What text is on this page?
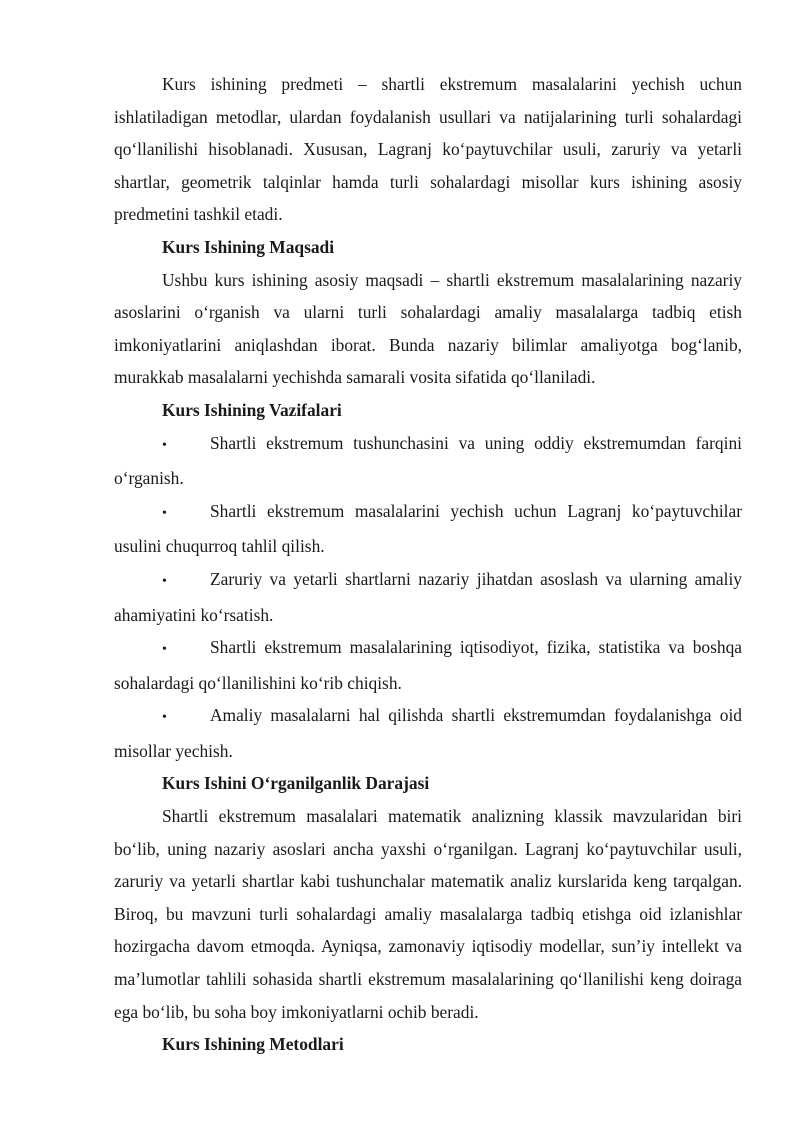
Kurs ishining predmeti – shartli ekstremum masalalarini yechish uchun ishlatiladigan metodlar, ulardan foydalanish usullari va natijalarining turli sohalardagi qo‘llanilishi hisoblanadi. Xususan, Lagranj ko‘paytuvchilar usuli, zaruriy va yetarli shartlar, geometrik talqinlar hamda turli sohalardagi misollar kurs ishining asosiy predmetini tashkil etadi.

Kurs Ishining Maqsadi

Ushbu kurs ishining asosiy maqsadi – shartli ekstremum masalalarining nazariy asoslarini o‘rganish va ularni turli sohalardagi amaliy masalalarga tadbiq etish imkoniyatlarini aniqlashdan iborat. Bunda nazariy bilimlar amaliyotga bog‘lanib, murakkab masalalarni yechishda samarali vosita sifatida qo‘llaniladi.

Kurs Ishining Vazifalari

• Shartli ekstremum tushunchasini va uning oddiy ekstremumdan farqini o‘rganish.

• Shartli ekstremum masalalarini yechish uchun Lagranj ko‘paytuvchilar usulini chuqurroq tahlil qilish.

• Zaruriy va yetarli shartlarni nazariy jihatdan asoslash va ularning amaliy ahamiyatini ko‘rsatish.

• Shartli ekstremum masalalarining iqtisodiyot, fizika, statistika va boshqa sohalardagi qo‘llanilishini ko‘rib chiqish.

• Amaliy masalalarni hal qilishda shartli ekstremumdan foydalanishga oid misollar yechish.

Kurs Ishini O‘rganilganlik Darajasi

Shartli ekstremum masalalari matematik analizning klassik mavzularidan biri bo‘lib, uning nazariy asoslari ancha yaxshi o‘rganilgan. Lagranj ko‘paytuvchilar usuli, zaruriy va yetarli shartlar kabi tushunchalar matematik analiz kurslarida keng tarqalgan. Biroq, bu mavzuni turli sohalardagi amaliy masalalarga tadbiq etishga oid izlanishlar hozirgacha davom etmoqda. Ayniqsa, zamonaviy iqtisodiy modellar, sun’iy intellekt va ma’lumotlar tahlili sohasida shartli ekstremum masalalarining qo‘llanilishi keng doiraga ega bo‘lib, bu soha boy imkoniyatlarni ochib beradi.

Kurs Ishining Metodlari
